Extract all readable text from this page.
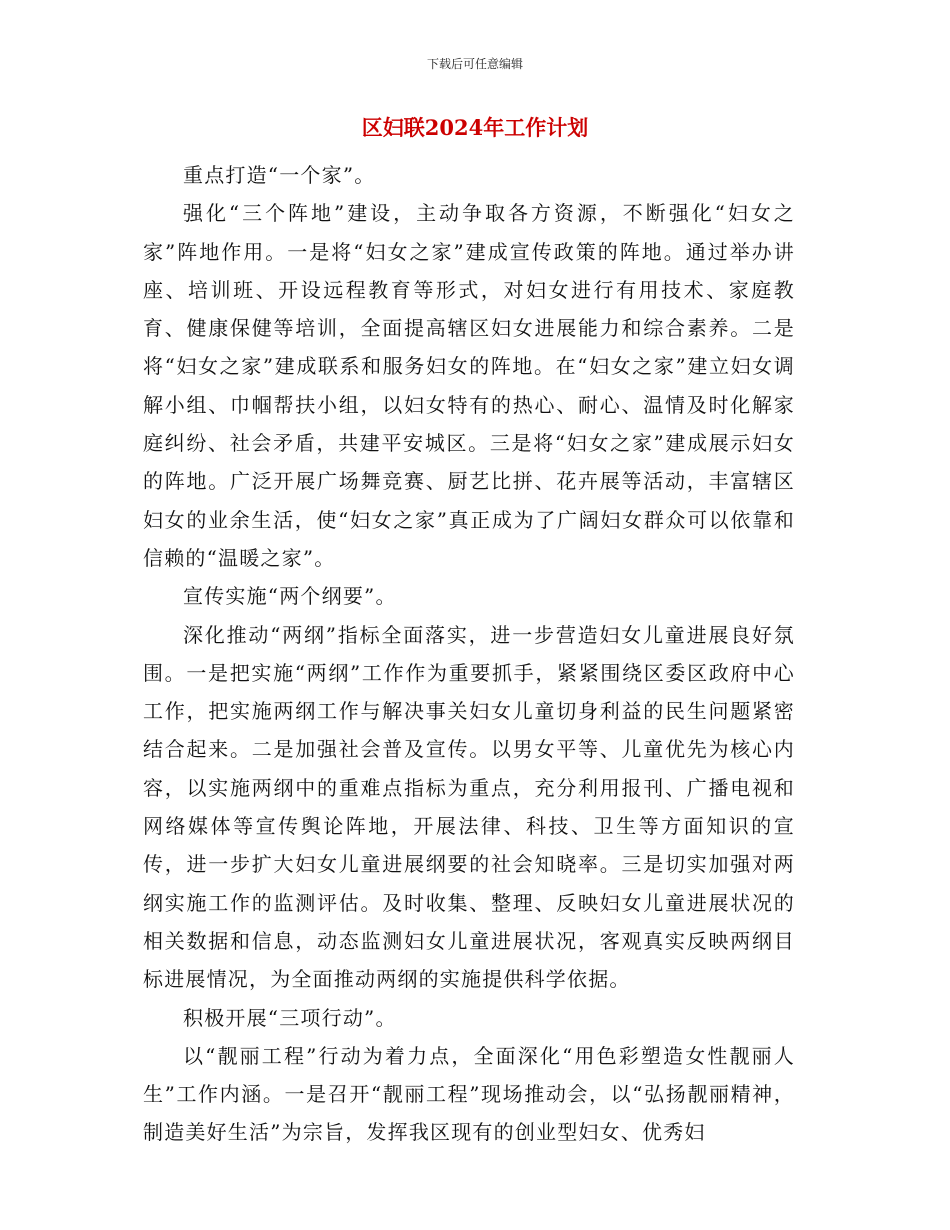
下载后可任意编辑
区妇联2024年工作计划

重点打造“一个家”。

强化“三个阵地”建设，主动争取各方资源，不断强化“妇女之家”阵地作用。一是将“妇女之家”建成宣传政策的阵地。通过举办讲座、培训班、开设远程教育等形式，对妇女进行有用技术、家庭教育、健康保健等培训，全面提高辖区妇女进展能力和综合素养。二是将“妇女之家”建成联系和服务妇女的阵地。在“妇女之家”建立妇女调解小组、巾帼帮扶小组，以妇女特有的热心、耐心、温情及时化解家庭纠纷、社会矛盾，共建平安城区。三是将“妇女之家”建成展示妇女的阵地。广泛开展广场舞竞赛、厨艺比拼、花卉展等活动，丰富辖区妇女的业余生活，使“妇女之家”真正成为了广阔妇女群众可以依靠和信赖的“温暖之家”。

宣传实施“两个纲要”。

深化推动“两纲”指标全面落实，进一步营造妇女儿童进展良好氛围。一是把实施“两纲”工作作为重要抓手，紧紧围绕区委区政府中心工作，把实施两纲工作与解决事关妇女儿童切身利益的民生问题紧密结合起来。二是加强社会普及宣传。以男女平等、儿童优先为核心内容，以实施两纲中的重难点指标为重点，充分利用报刊、广播电视和网络媒体等宣传舆论阵地，开展法律、科技、卫生等方面知识的宣传，进一步扩大妇女儿童进展纲要的社会知晓率。三是切实加强对两纲实施工作的监测评估。及时收集、整理、反映妇女儿童进展状况的相关数据和信息，动态监测妇女儿童进展状况，客观真实反映两纲目标进展情况，为全面推动两纲的实施提供科学依据。

积极开展“三项行动”。

以“靓丽工程”行动为着力点，全面深化“用色彩塑造女性靓丽人生”工作内涵。一是召开“靓丽工程”现场推动会，以“弘扬靓丽精神，制造美好生活”为宗旨，发挥我区现有的创业型妇女、优秀妇
